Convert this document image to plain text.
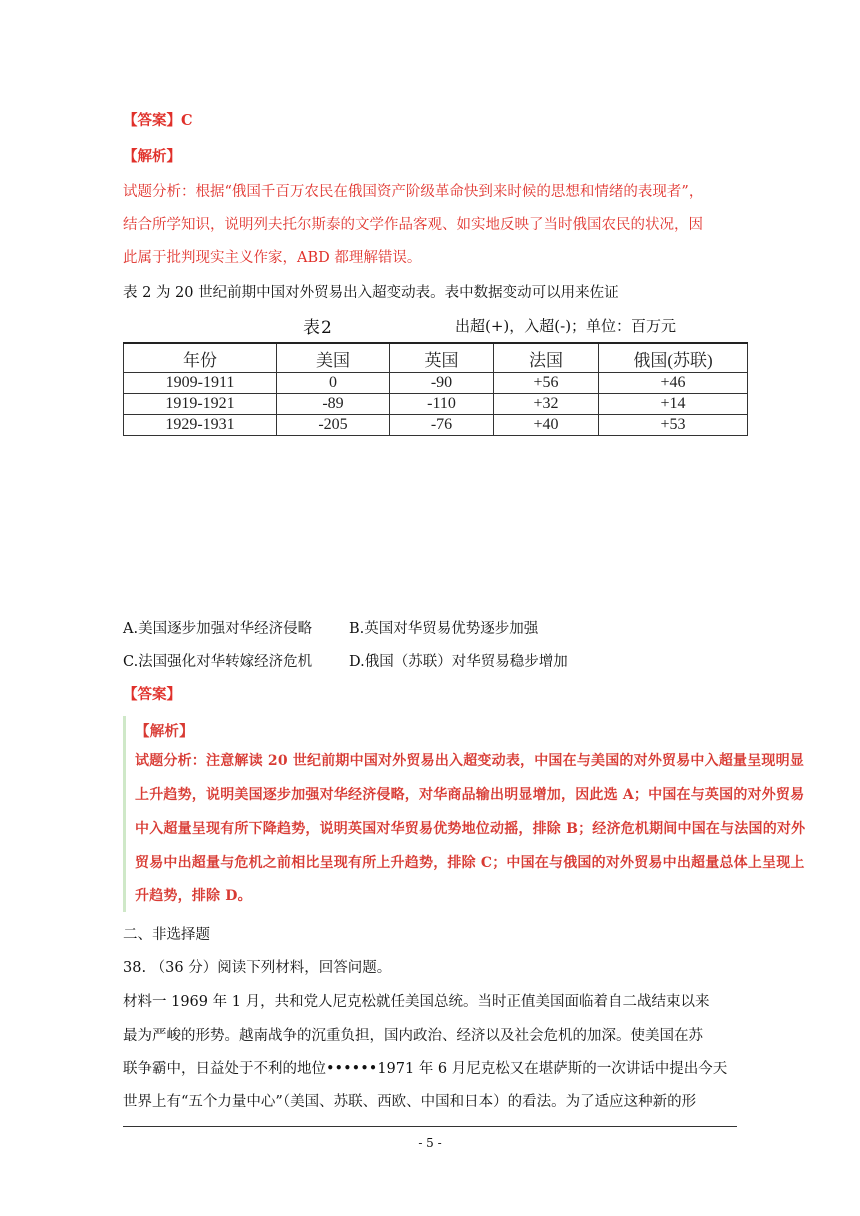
【答案】C
【解析】
试题分析：根据“俄国千百万农民在俄国资产阶级革命快到来时候的思想和情绪的表现者”，
结合所学知识，说明列夫托尔斯泰的文学作品客观、如实地反映了当时俄国农民的状况，因
此属于批判现实主义作家，ABD 都理解错误。
表 2 为 20 世纪前期中国对外贸易出入超变动表。表中数据变动可以用来佐证
表2	出超(+)，入超(-)；单位：百万元
年份	美国	英国	法国	俄国(苏联)
1909-1911	0	-90	+56	+46
1919-1921	-89	-110	+32	+14
1929-1931	-205	-76	+40	+53
A.美国逐步加强对华经济侵略	B.英国对华贸易优势逐步加强
C.法国强化对华转嫁经济危机	D.俄国（苏联）对华贸易稳步增加
【答案】
【解析】
试题分析：注意解读 20 世纪前期中国对外贸易出入超变动表，中国在与美国的对外贸易中入超量呈现明显
上升趋势，说明美国逐步加强对华经济侵略，对华商品输出明显增加，因此选 A；中国在与英国的对外贸易
中入超量呈现有所下降趋势，说明英国对华贸易优势地位动摇，排除 B；经济危机期间中国在与法国的对外
贸易中出超量与危机之前相比呈现有所上升趋势，排除 C；中国在与俄国的对外贸易中出超量总体上呈现上
升趋势，排除 D。
二、非选择题
38. （36 分）阅读下列材料，回答问题。
材料一 1969 年 1 月，共和党人尼克松就任美国总统。当时正值美国面临着自二战结束以来
最为严峻的形势。越南战争的沉重负担，国内政治、经济以及社会危机的加深。使美国在苏
联争霸中，日益处于不利的地位••••••1971 年 6 月尼克松又在堪萨斯的一次讲话中提出今天
世界上有“五个力量中心”（美国、苏联、西欧、中国和日本）的看法。为了适应这种新的形
- 5 -
